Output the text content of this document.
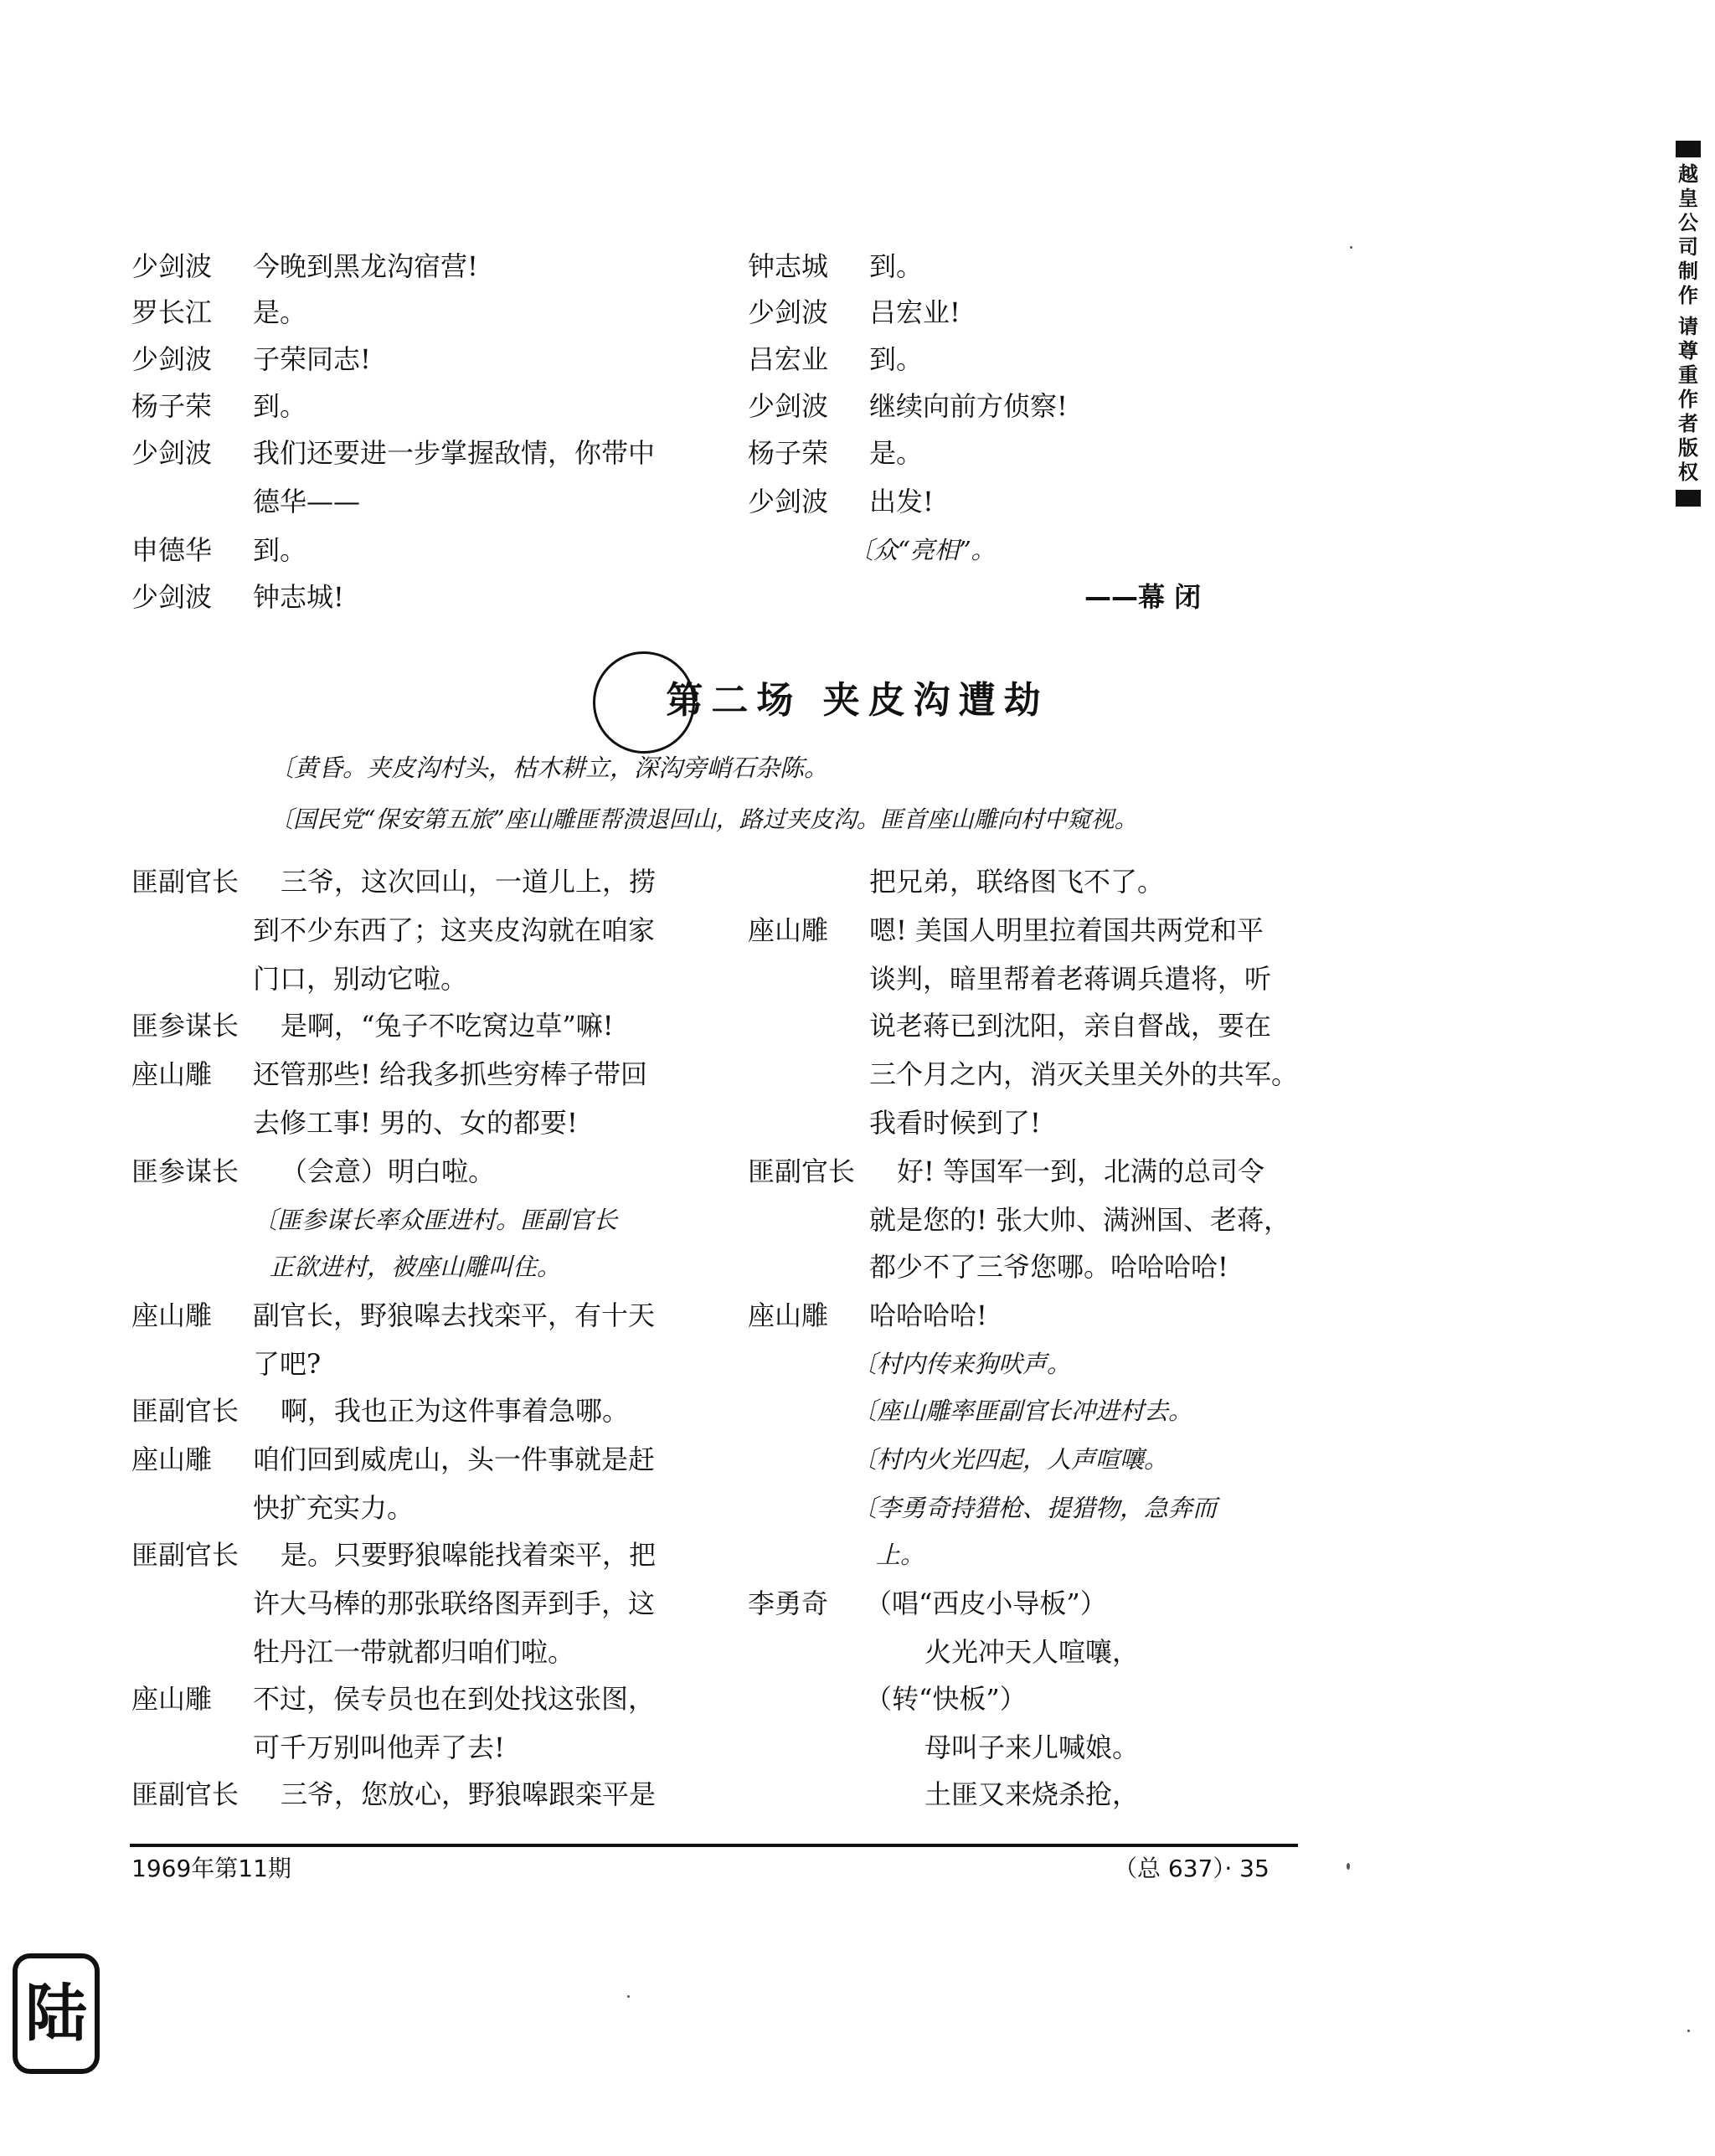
越
皇
公
司
制
作
请
尊
重
作
者
版
权
少剑波 今晚到黑龙沟宿营!
罗长江 是。
少剑波 子荣同志!
杨子荣 到。
少剑波 我们还要进一步掌握敌情，你带中
德华——
申德华 到。
少剑波 钟志城!
钟志城 到。
少剑波 吕宏业!
吕宏业 到。
少剑波 继续向前方侦察!
杨子荣 是。
少剑波 出发!
〔众“亮相”。
——幕 闭
第二场 夹皮沟遭劫
〔黄昏。夹皮沟村头，枯木耕立，深沟旁峭石杂陈。
〔国民党“保安第五旅”座山雕匪帮溃退回山，路过夹皮沟。匪首座山雕向村中窥视。
匪副官长 三爷，这次回山，一道儿上，捞
到不少东西了；这夹皮沟就在咱家
门口，别动它啦。
匪参谋长 是啊，“兔子不吃窝边草”嘛!
座山雕 还管那些! 给我多抓些穷棒子带回
去修工事! 男的、女的都要!
匪参谋长 （会意）明白啦。
〔匪参谋长率众匪进村。匪副官长
正欲进村，被座山雕叫住。
座山雕 副官长，野狼嗥去找栾平，有十天
了吧?
匪副官长 啊，我也正为这件事着急哪。
座山雕 咱们回到威虎山，头一件事就是赶
快扩充实力。
匪副官长 是。只要野狼嗥能找着栾平，把
许大马棒的那张联络图弄到手，这
牡丹江一带就都归咱们啦。
座山雕 不过，侯专员也在到处找这张图，
可千万别叫他弄了去!
匪副官长 三爷，您放心，野狼嗥跟栾平是
把兄弟，联络图飞不了。
座山雕 嗯! 美国人明里拉着国共两党和平
谈判，暗里帮着老蒋调兵遣将，听
说老蒋已到沈阳，亲自督战，要在
三个月之内，消灭关里关外的共军。
我看时候到了!
匪副官长 好! 等国军一到，北满的总司令
就是您的! 张大帅、满洲国、老蒋，
都少不了三爷您哪。哈哈哈哈!
座山雕 哈哈哈哈!
〔村内传来狗吠声。
〔座山雕率匪副官长冲进村去。
〔村内火光四起，人声喧嚷。
〔李勇奇持猎枪、提猎物，急奔而
上。
李勇奇 （唱“西皮小导板”）
火光冲天人喧嚷，
（转“快板”）
母叫子来儿喊娘。
土匪又来烧杀抢，
1969年第11期	（总 637）· 35
陆
